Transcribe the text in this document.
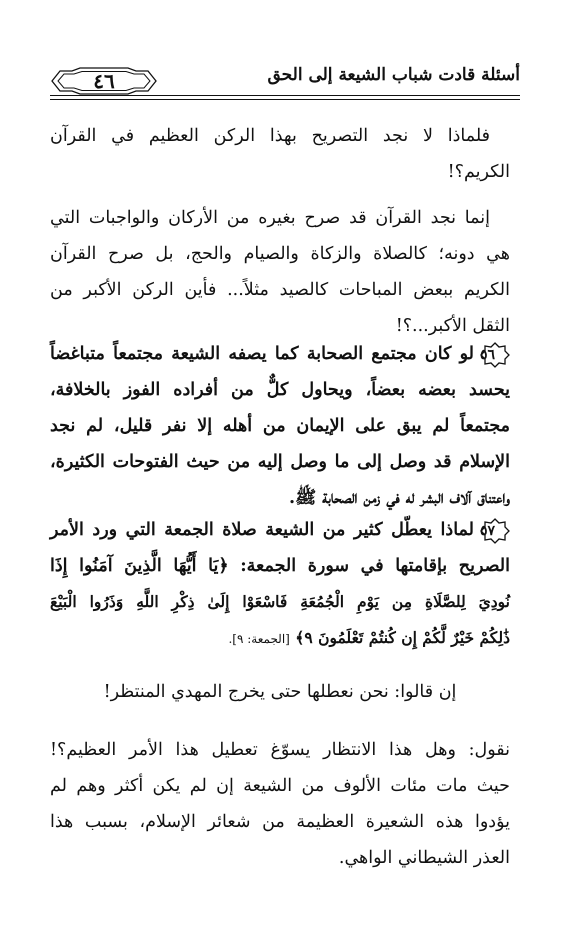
٤٦	أسئلة قادت شباب الشيعة إلى الحق
فلماذا لا نجد التصريح بهذا الركن العظيم في القرآن
الكريم؟!
إنما نجد القرآن قد صرح بغيره من الأركان والواجبات التي
هي دونه؛ كالصلاة والزكاة والصيام والحج، بل صرح القرآن
الكريم ببعض المباحات كالصيد مثلاً... فأين الركن الأكبر من
الثقل الأكبر...؟!
٥٦
لو كان مجتمع الصحابة كما يصفه الشيعة مجتمعاً متباغضاً
يحسد بعضه بعضاً، ويحاول كلٌّ من أفراده الفوز بالخلافة،
مجتمعاً لم يبق على الإيمان من أهله إلا نفر قليل، لم نجد
الإسلام قد وصل إلى ما وصل إليه من حيث الفتوحات الكثيرة،
واعتناق آلاف البشر له في زمن الصحابة ﷺ.
٥٧
لماذا يعطّل كثير من الشيعة صلاة الجمعة التي ورد الأمر
الصريح بإقامتها في سورة الجمعة: ﴿يَا أَيُّهَا الَّذِينَ آمَنُوا إِذَا
نُودِيَ لِلصَّلَاةِ مِن يَوْمِ الْجُمُعَةِ فَاسْعَوْا إِلَىٰ ذِكْرِ اللَّهِ وَذَرُوا الْبَيْعَ
ذَٰلِكُمْ خَيْرٌ لَّكُمْ إِن كُنتُمْ تَعْلَمُونَ ٩﴾ [الجمعة: ٩].
إن قالوا: نحن نعطلها حتى يخرج المهدي المنتظر!
نقول: وهل هذا الانتظار يسوّغ تعطيل هذا الأمر العظيم؟!
حيث مات مئات الألوف من الشيعة إن لم يكن أكثر وهم لم
يؤدوا هذه الشعيرة العظيمة من شعائر الإسلام، بسبب هذا
العذر الشيطاني الواهي.
